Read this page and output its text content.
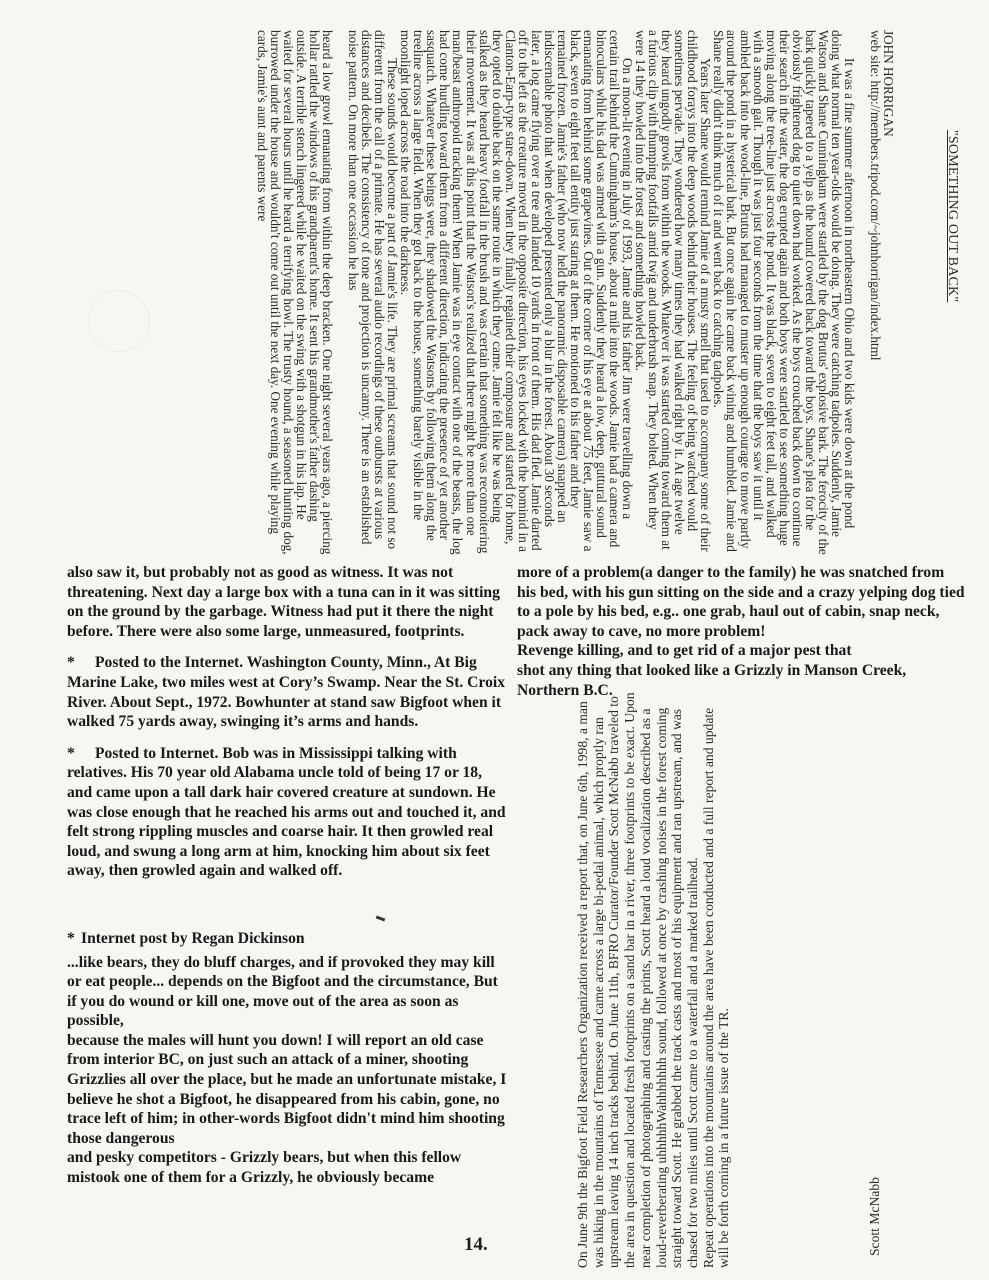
"SOMETHING OUT BACK"

JOHN HORRIGAN

web site: http://members.tripod.com/~johnhorrigan/index.html

It was a fine summer afternoon in northeastern Ohio and two kids were down at the pond doing what normal ten year-olds would be doing. They were catching tadpoles. Suddenly, Jamie Watson and Shane Cunningham were startled by the dog Brutus' explosive bark. The ferocity of the bark quickly tapered to a yelp as the hound cowered back toward the boys. Shane's plea for the obviously frightened dog to quiet down had worked. As the boys crouched back down to continue their search in the water, the dog erupted again and both boys were startled to see something huge moving along the tree-line just across the pond. It was black, seven to eight feet tall, and walked with a smooth gait. Though it was just four seconds from the time that the boys saw it until it ambled back into the wood-line, Brutus had managed to muster up enough courage to move partly around the pond in a hysterical bark. But once again he came back wining and humbled. Jamie and Shane really didn't think much of it and went back to catching tadpoles.

Years later Shane would remind Jamie of a musty smell that used to accompany some of their childhood forays into the deep woods behind their houses. The feeling of being watched would sometimes pervade. They wondered how many times they had walked right by it. At age twelve they heard ungodly growls from within the woods. Whatever it was started coming toward them at a furious clip with thumping footfalls amid twig and underbrush snap. They bolted. When they were 14 they howled into the forest and something howled back.

On a moon-lit evening in July of 1993, Jamie and his father Jim were travelling down a certain trail behind the Cunningham's house, about a mile into the woods. Jamie had a camera and binoculars while his dad was armed with a gun. Suddenly they heard a low, deep, guttural sound emanating from behind some grapevines. Out of the corner of his eye at about 75 feet, Jamie saw a black, seven to eight feet tall entity just staring at them. He motioned to his father and they remained frozen. Jamie's father (who now held the panoramic disposable camera) snapped an indiscernable photo that when developed presented only a blur in the forest. About 30 seconds later, a log came flying over a tree and landed 10 yards in front of them. His dad fled. Jamie darted off to the left as the creature moved in the opposite direction, his eyes locked with the hominid in a Clanton-Earp-type stare-down. When they finally regained their composure and started for home, they opted to double back on the same route in which they came. Jamie felt like he was being stalked as they heard heavy footfall in the brush and was certain that something was reconnoitering their movement. It was at this point that the Watson's realized that there might be more than one man/beast anthropoid tracking them! When Jamie was in eye contact with one of the beasts, the log had come hurdling toward them from a different direction, indicating the presence of yet another sasquatch. Whatever these beings were, they shadowed the Watsons by following them along the treeline across a large field. When they got back to the house, something barely visible in the moonlight loped across the road into the darkness.

These sounds would become a part of Jamie's life. They are primal screams that sound not so different from the call of a primate. He has several audio recordings of these outbursts at various distances and decibels. The consistency of tone and projection is uncanny. There is an established noise pattern. On more than one occassion he has

heard a low growl emanating from within the deep bracken. One night several years ago, a piercing hollar rattled the windows of his grandparent's home. It sent his grandmother's father dashing outside. A terrible stench lingered while he waited on the swing with a shotgun in his lap. He waited for several hours until he heard a terrifying howl. The trusty hound, a seasoned hunting dog, burrowed under the house and wouldn't come out until the next day. One evening while playing cards, Jamie's aunt and parents were

also saw it, but probably not as good as witness. It was not threatening. Next day a large box with a tuna can in it was sitting on the ground by the garbage. Witness had put it there the night before. There were also some large, unmeasured, footprints.

* Posted to the Internet. Washington County, Minn., At Big Marine Lake, two miles west at Cory’s Swamp. Near the St. Croix River. About Sept., 1972. Bowhunter at stand saw Bigfoot when it walked 75 yards away, swinging it’s arms and hands.

* Posted to Internet. Bob was in Mississippi talking with relatives. His 70 year old Alabama uncle told of being 17 or 18, and came upon a tall dark hair covered creature at sundown. He was close enough that he reached his arms out and touched it, and felt strong rippling muscles and coarse hair. It then growled real loud, and swung a long arm at him, knocking him about six feet away, then growled again and walked off.

* Internet post by Regan Dickinson

...like bears, they do bluff charges, and if provoked they may kill or eat people... depends on the Bigfoot and the circumstance, But if you do wound or kill one, move out of the area as soon as possible,

because the males will hunt you down! I will report an old case from interior BC, on just such an attack of a miner, shooting Grizzlies all over the place, but he made an unfortunate mistake, I believe he shot a Bigfoot, he disappeared from his cabin, gone, no trace left of him; in other-words Bigfoot didn't mind him shooting those dangerous

and pesky competitors - Grizzly bears, but when this fellow mistook one of them for a Grizzly, he obviously became

more of a problem(a danger to the family) he was snatched from his bed, with his gun sitting on the side and a crazy yelping dog tied to a pole by his bed, e.g.. one grab, haul out of cabin, snap neck, pack away to cave, no more problem!

Revenge killing, and to get rid of a major pest that

shot any thing that looked like a Grizzly in Manson Creek, Northern B.C.

On June 9th the Bigfoot Field Researchers Organization received a report that, on June 6th, 1998, a man was hiking in the mountains of Tennessee and came across a large bi-pedal animal, which proptly ran upstream leaving 14 inch tracks behind. On June 11th, BFRO Curator/Founder Scott McNabb traveled to the area in question and located fresh footprints on a sand bar in a river, three footprints to be exact. Upon near completion of photographing and casting the prints, Scott heard a loud vocalization described as a loud-reverberating uhhhhhWahhhhhhh sound, followed at once by crashing noises in the forest coming straight toward Scott. He grabbed the track casts and most of his equipment and ran upstream, and was chased for two miles until Scott came to a waterfall and a marked trailhead. Repeat operations into the mountains around the area have been conducted and a full report and update will be forth coming in a future issue of the TR.	Scott McNabb

14.
